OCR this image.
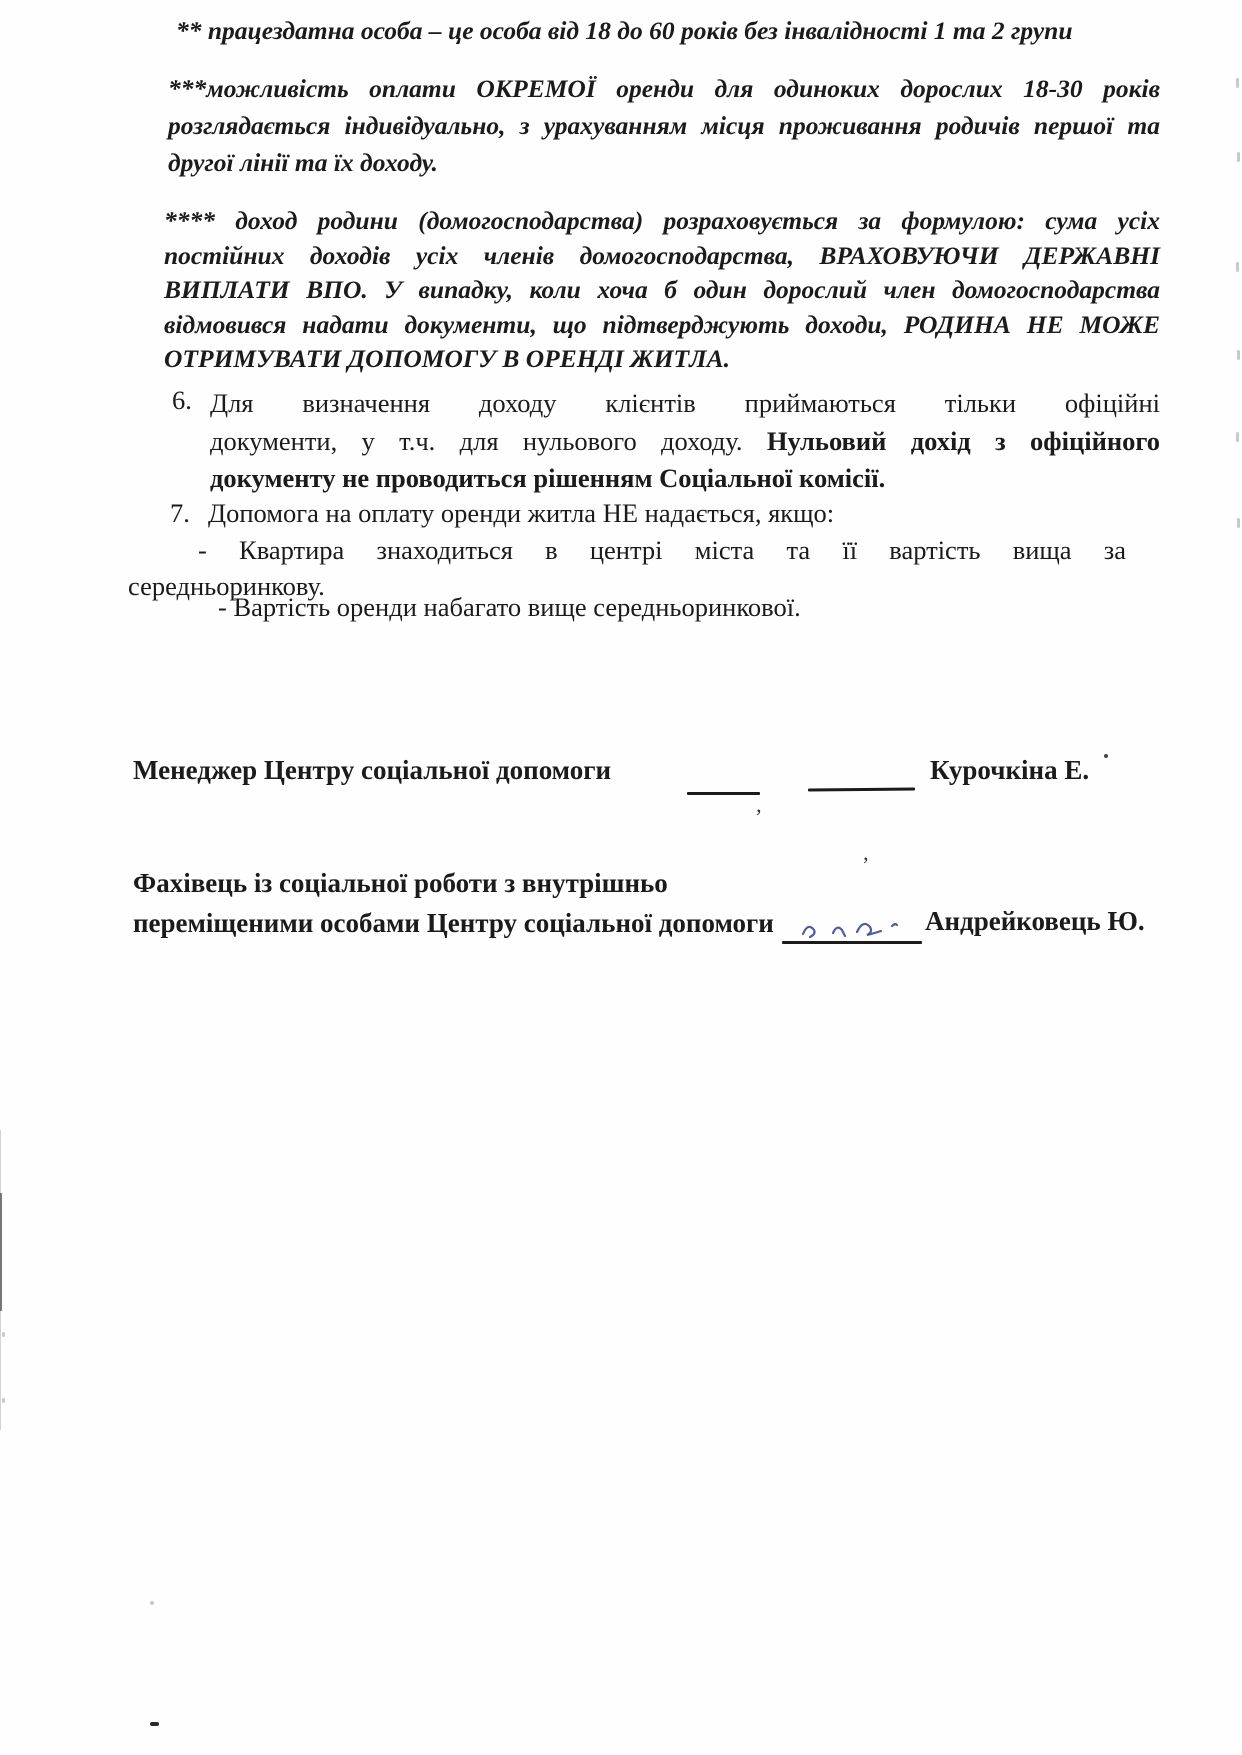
** працездатна особа – це особа від 18 до 60 років без інвалідності 1 та 2 групи
***можливість оплати ОКРЕМОЇ оренди для одиноких дорослих 18-30 років
розглядається індивідуально, з урахуванням місця проживання родичів першої та
другої лінії та їх доходу.
**** доход родини (домогосподарства) розраховується за формулою: сума усіх
постійних доходів усіх членів домогосподарства, ВРАХОВУЮЧИ ДЕРЖАВНІ
ВИПЛАТИ ВПО. У випадку, коли хоча б один дорослий член домогосподарства
відмовився надати документи, що підтверджують доходи, РОДИНА НЕ МОЖЕ
ОТРИМУВАТИ ДОПОМОГУ В ОРЕНДІ ЖИТЛА.
6. Для визначення доходу клієнтів приймаються тільки офіційні
документи, у т.ч. для нульового доходу. Нульовий дохід з офіційного
документу не проводиться рішенням Соціальної комісії.
7. Допомога на оплату оренди житла НЕ надається, якщо:
- Квартира знаходиться в центрі міста та її вартість вища за
середньоринкову.
- Вартість оренди набагато вище середньоринкової.
Менеджер Центру соціальної допомоги	Курочкіна Е.
Фахівець із соціальної роботи з внутрішньо
переміщеними особами Центру соціальної допомоги	Андрейковець Ю.
’
‚
